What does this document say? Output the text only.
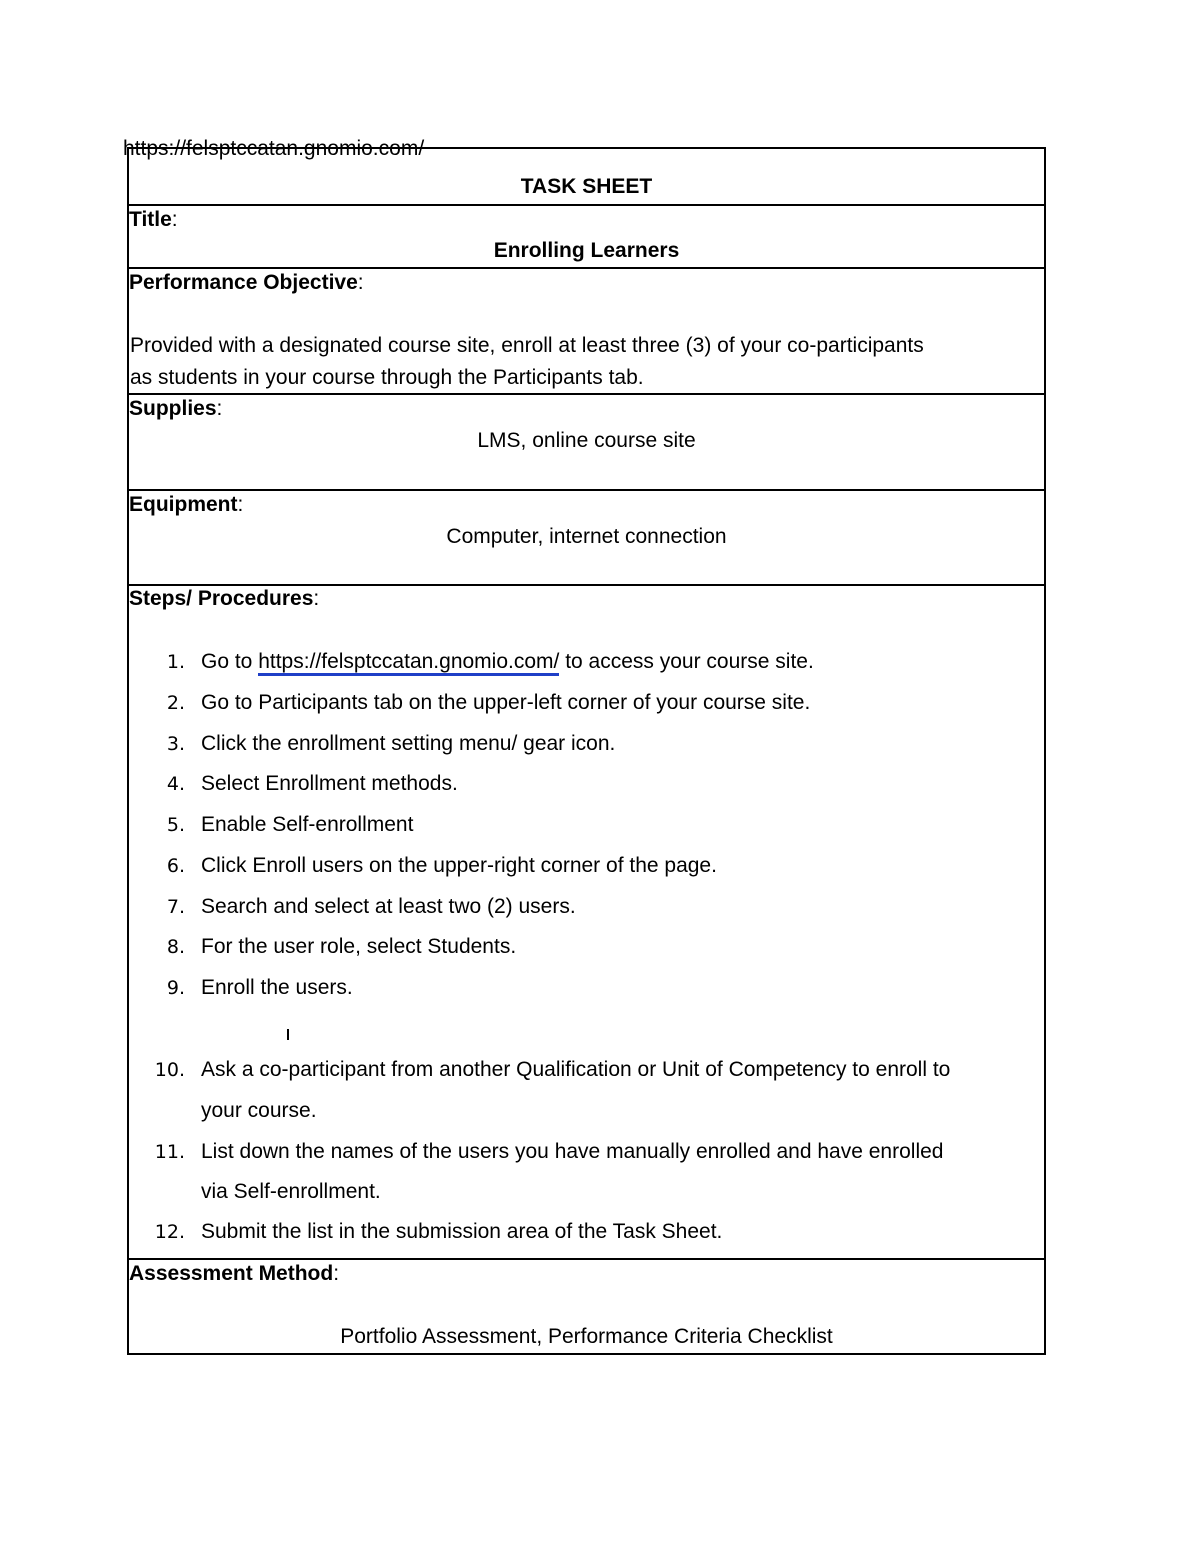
https://felsptccatan.gnomio.com/
TASK SHEET
Title:
Enrolling Learners
Performance Objective:
Provided with a designated course site, enroll at least three (3) of your co-participants
as students in your course through the Participants tab.
Supplies:
LMS, online course site
Equipment:
Computer, internet connection
Steps/ Procedures:
1. Go to https://felsptccatan.gnomio.com/ to access your course site.
2. Go to Participants tab on the upper-left corner of your course site.
3. Click the enrollment setting menu/ gear icon.
4. Select Enrollment methods.
5. Enable Self-enrollment
6. Click Enroll users on the upper-right corner of the page.
7. Search and select at least two (2) users.
8. For the user role, select Students.
9. Enroll the users.
10. Ask a co-participant from another Qualification or Unit of Competency to enroll to
your course.
11. List down the names of the users you have manually enrolled and have enrolled
via Self-enrollment.
12. Submit the list in the submission area of the Task Sheet.
Assessment Method:
Portfolio Assessment, Performance Criteria Checklist
